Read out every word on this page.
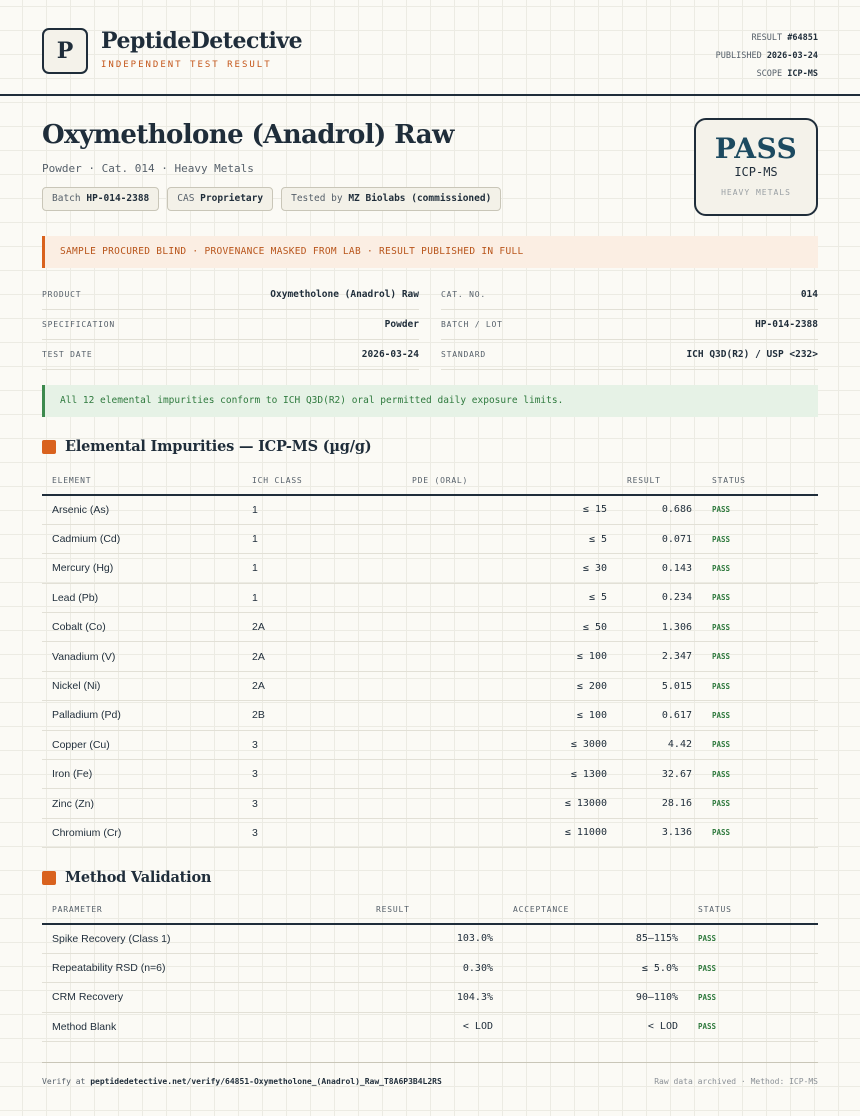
P	PeptideDetective
INDEPENDENT TEST RESULT
RESULT #64851
PUBLISHED 2026-03-24
SCOPE ICP-MS
Oxymetholone (Anadrol) Raw
Powder · Cat. 014 · Heavy Metals
Batch HP-014-2388	CAS Proprietary	Tested by MZ Biolabs (commissioned)
PASS
ICP-MS
HEAVY METALS
SAMPLE PROCURED BLIND · PROVENANCE MASKED FROM LAB · RESULT PUBLISHED IN FULL
PRODUCT	Oxymetholone (Anadrol) Raw	CAT. NO.	014
SPECIFICATION	Powder	BATCH / LOT	HP-014-2388
TEST DATE	2026-03-24	STANDARD	ICH Q3D(R2) / USP <232>
All 12 elemental impurities conform to ICH Q3D(R2) oral permitted daily exposure limits.
Elemental Impurities — ICP-MS (µg/g)
ELEMENT	ICH CLASS	PDE (ORAL)	RESULT	STATUS
Arsenic (As)	1	≤ 15	0.686	PASS
Cadmium (Cd)	1	≤ 5	0.071	PASS
Mercury (Hg)	1	≤ 30	0.143	PASS
Lead (Pb)	1	≤ 5	0.234	PASS
Cobalt (Co)	2A	≤ 50	1.306	PASS
Vanadium (V)	2A	≤ 100	2.347	PASS
Nickel (Ni)	2A	≤ 200	5.015	PASS
Palladium (Pd)	2B	≤ 100	0.617	PASS
Copper (Cu)	3	≤ 3000	4.42	PASS
Iron (Fe)	3	≤ 1300	32.67	PASS
Zinc (Zn)	3	≤ 13000	28.16	PASS
Chromium (Cr)	3	≤ 11000	3.136	PASS
Method Validation
PARAMETER	RESULT	ACCEPTANCE	STATUS
Spike Recovery (Class 1)	103.0%	85–115%	PASS
Repeatability RSD (n=6)	0.30%	≤ 5.0%	PASS
CRM Recovery	104.3%	90–110%	PASS
Method Blank	< LOD	< LOD	PASS
Verify at peptidedetective.net/verify/64851-Oxymetholone_(Anadrol)_Raw_T8A6P3B4L2RS	Raw data archived · Method: ICP-MS
